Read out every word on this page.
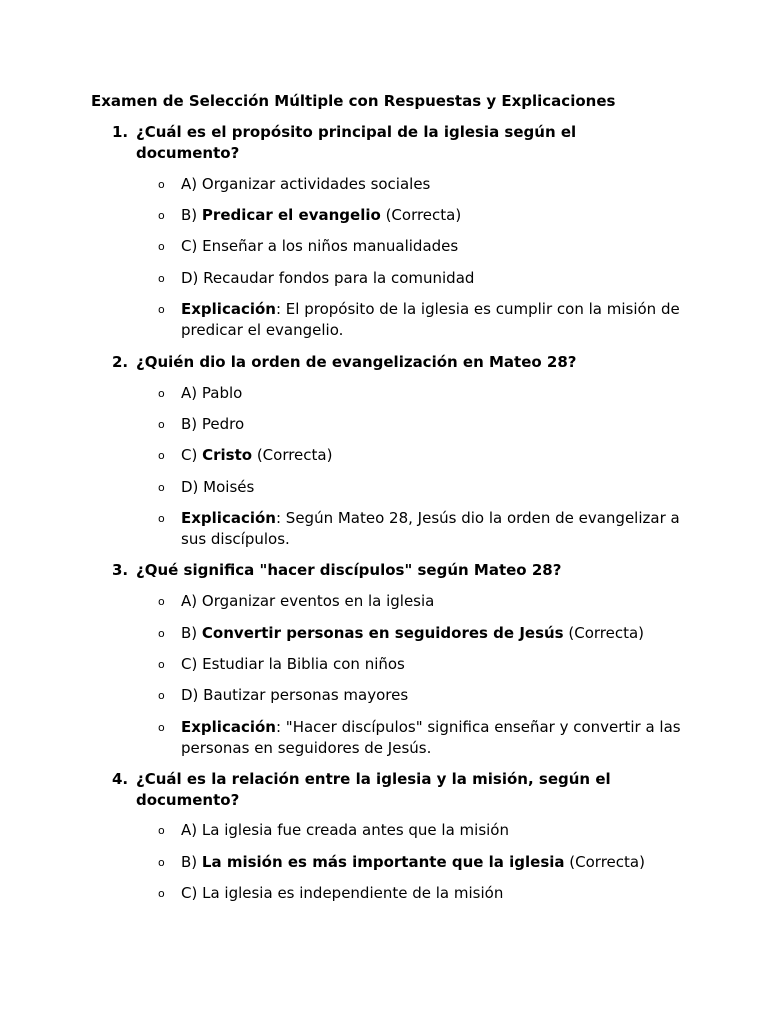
Examen de Selección Múltiple con Respuestas y Explicaciones
1. ¿Cuál es el propósito principal de la iglesia según el documento?
o A) Organizar actividades sociales
o B) Predicar el evangelio (Correcta)
o C) Enseñar a los niños manualidades
o D) Recaudar fondos para la comunidad
o Explicación: El propósito de la iglesia es cumplir con la misión de predicar el evangelio.
2. ¿Quién dio la orden de evangelización en Mateo 28?
o A) Pablo
o B) Pedro
o C) Cristo (Correcta)
o D) Moisés
o Explicación: Según Mateo 28, Jesús dio la orden de evangelizar a sus discípulos.
3. ¿Qué significa "hacer discípulos" según Mateo 28?
o A) Organizar eventos en la iglesia
o B) Convertir personas en seguidores de Jesús (Correcta)
o C) Estudiar la Biblia con niños
o D) Bautizar personas mayores
o Explicación: "Hacer discípulos" significa enseñar y convertir a las personas en seguidores de Jesús.
4. ¿Cuál es la relación entre la iglesia y la misión, según el documento?
o A) La iglesia fue creada antes que la misión
o B) La misión es más importante que la iglesia (Correcta)
o C) La iglesia es independiente de la misión
